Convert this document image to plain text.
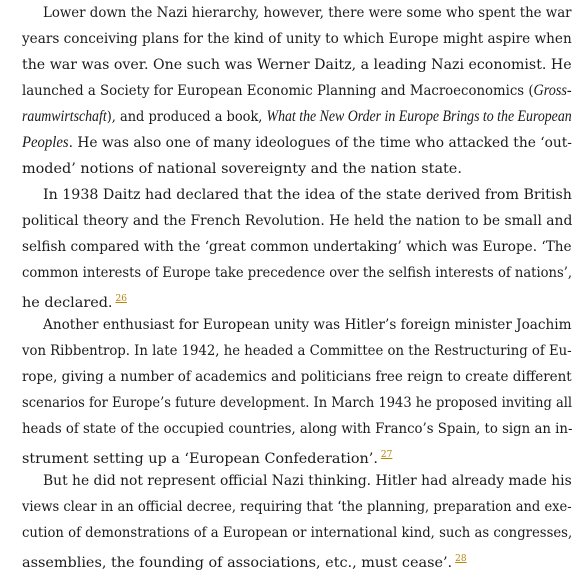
Lower down the Nazi hierarchy, however, there were some who spent the war
years conceiving plans for the kind of unity to which Europe might aspire when
the war was over. One such was Werner Daitz, a leading Nazi economist. He
launched a Society for European Economic Planning and Macroeconomics (Gross-
raumwirtschaft), and produced a book, What the New Order in Europe Brings to the European
Peoples. He was also one of many ideologues of the time who attacked the ‘out-
moded’ notions of national sovereignty and the nation state.
In 1938 Daitz had declared that the idea of the state derived from British
political theory and the French Revolution. He held the nation to be small and
selfish compared with the ‘great common undertaking’ which was Europe. ‘The
common interests of Europe take precedence over the selfish interests of nations’,
he declared. $^{26}$
Another enthusiast for European unity was Hitler’s foreign minister Joachim
von Ribbentrop. In late 1942, he headed a Committee on the Restructuring of Eu-
rope, giving a number of academics and politicians free reign to create different
scenarios for Europe’s future development. In March 1943 he proposed inviting all
heads of state of the occupied countries, along with Franco’s Spain, to sign an in-
strument setting up a ‘European Confederation’. $^{27}$
But he did not represent official Nazi thinking. Hitler had already made his
views clear in an official decree, requiring that ‘the planning, preparation and exe-
cution of demonstrations of a European or international kind, such as congresses,
assemblies, the founding of associations, etc., must cease’. $^{28}$
